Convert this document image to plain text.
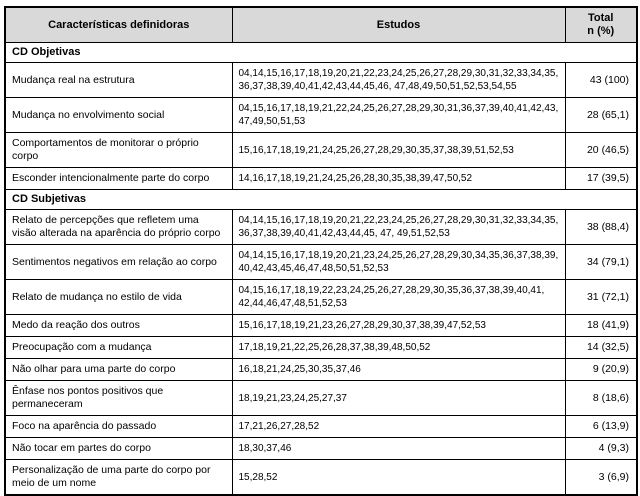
Características definidoras	Estudos	Total
n (%)
CD Objetivas		
Mudança real na estrutura	04,14,15,16,17,18,19,20,21,22,23,24,25,26,27,28,29,30,31,32,33,34,35,
36,37,38,39,40,41,42,43,44,45,46, 47,48,49,50,51,52,53,54,55	43 (100)
Mudança no envolvimento social	04,15,16,17,18,19,21,22,24,25,26,27,28,29,30,31,36,37,39,40,41,42,43,
47,49,50,51,53	28 (65,1)
Comportamentos de monitorar o próprio corpo	15,16,17,18,19,21,24,25,26,27,28,29,30,35,37,38,39,51,52,53	20 (46,5)
Esconder intencionalmente parte do corpo	14,16,17,18,19,21,24,25,26,28,30,35,38,39,47,50,52	17 (39,5)
CD Subjetivas		
Relato de percepções que refletem uma visão alterada na aparência do próprio corpo	04,14,15,16,17,18,19,20,21,22,23,24,25,26,27,28,29,30,31,32,33,34,35,
36,37,38,39,40,41,42,43,44,45, 47, 49,51,52,53	38 (88,4)
Sentimentos negativos em relação ao corpo	04,14,15,16,17,18,19,20,21,23,24,25,26,27,28,29,30,34,35,36,37,38,39,
40,42,43,45,46,47,48,50,51,52,53	34 (79,1)
Relato de mudança no estilo de vida	04,15,16,17,18,19,22,23,24,25,26,27,28,29,30,35,36,37,38,39,40,41,
42,44,46,47,48,51,52,53	31 (72,1)
Medo da reação dos outros	15,16,17,18,19,21,23,26,27,28,29,30,37,38,39,47,52,53	18 (41,9)
Preocupação com a mudança	17,18,19,21,22,25,26,28,37,38,39,48,50,52	14 (32,5)
Não olhar para uma parte do corpo	16,18,21,24,25,30,35,37,46	9 (20,9)
Ênfase nos pontos positivos que permaneceram	18,19,21,23,24,25,27,37	8 (18,6)
Foco na aparência do passado	17,21,26,27,28,52	6 (13,9)
Não tocar em partes do corpo	18,30,37,46	4 (9,3)
Personalização de uma parte do corpo por meio de um nome	15,28,52	3 (6,9)
